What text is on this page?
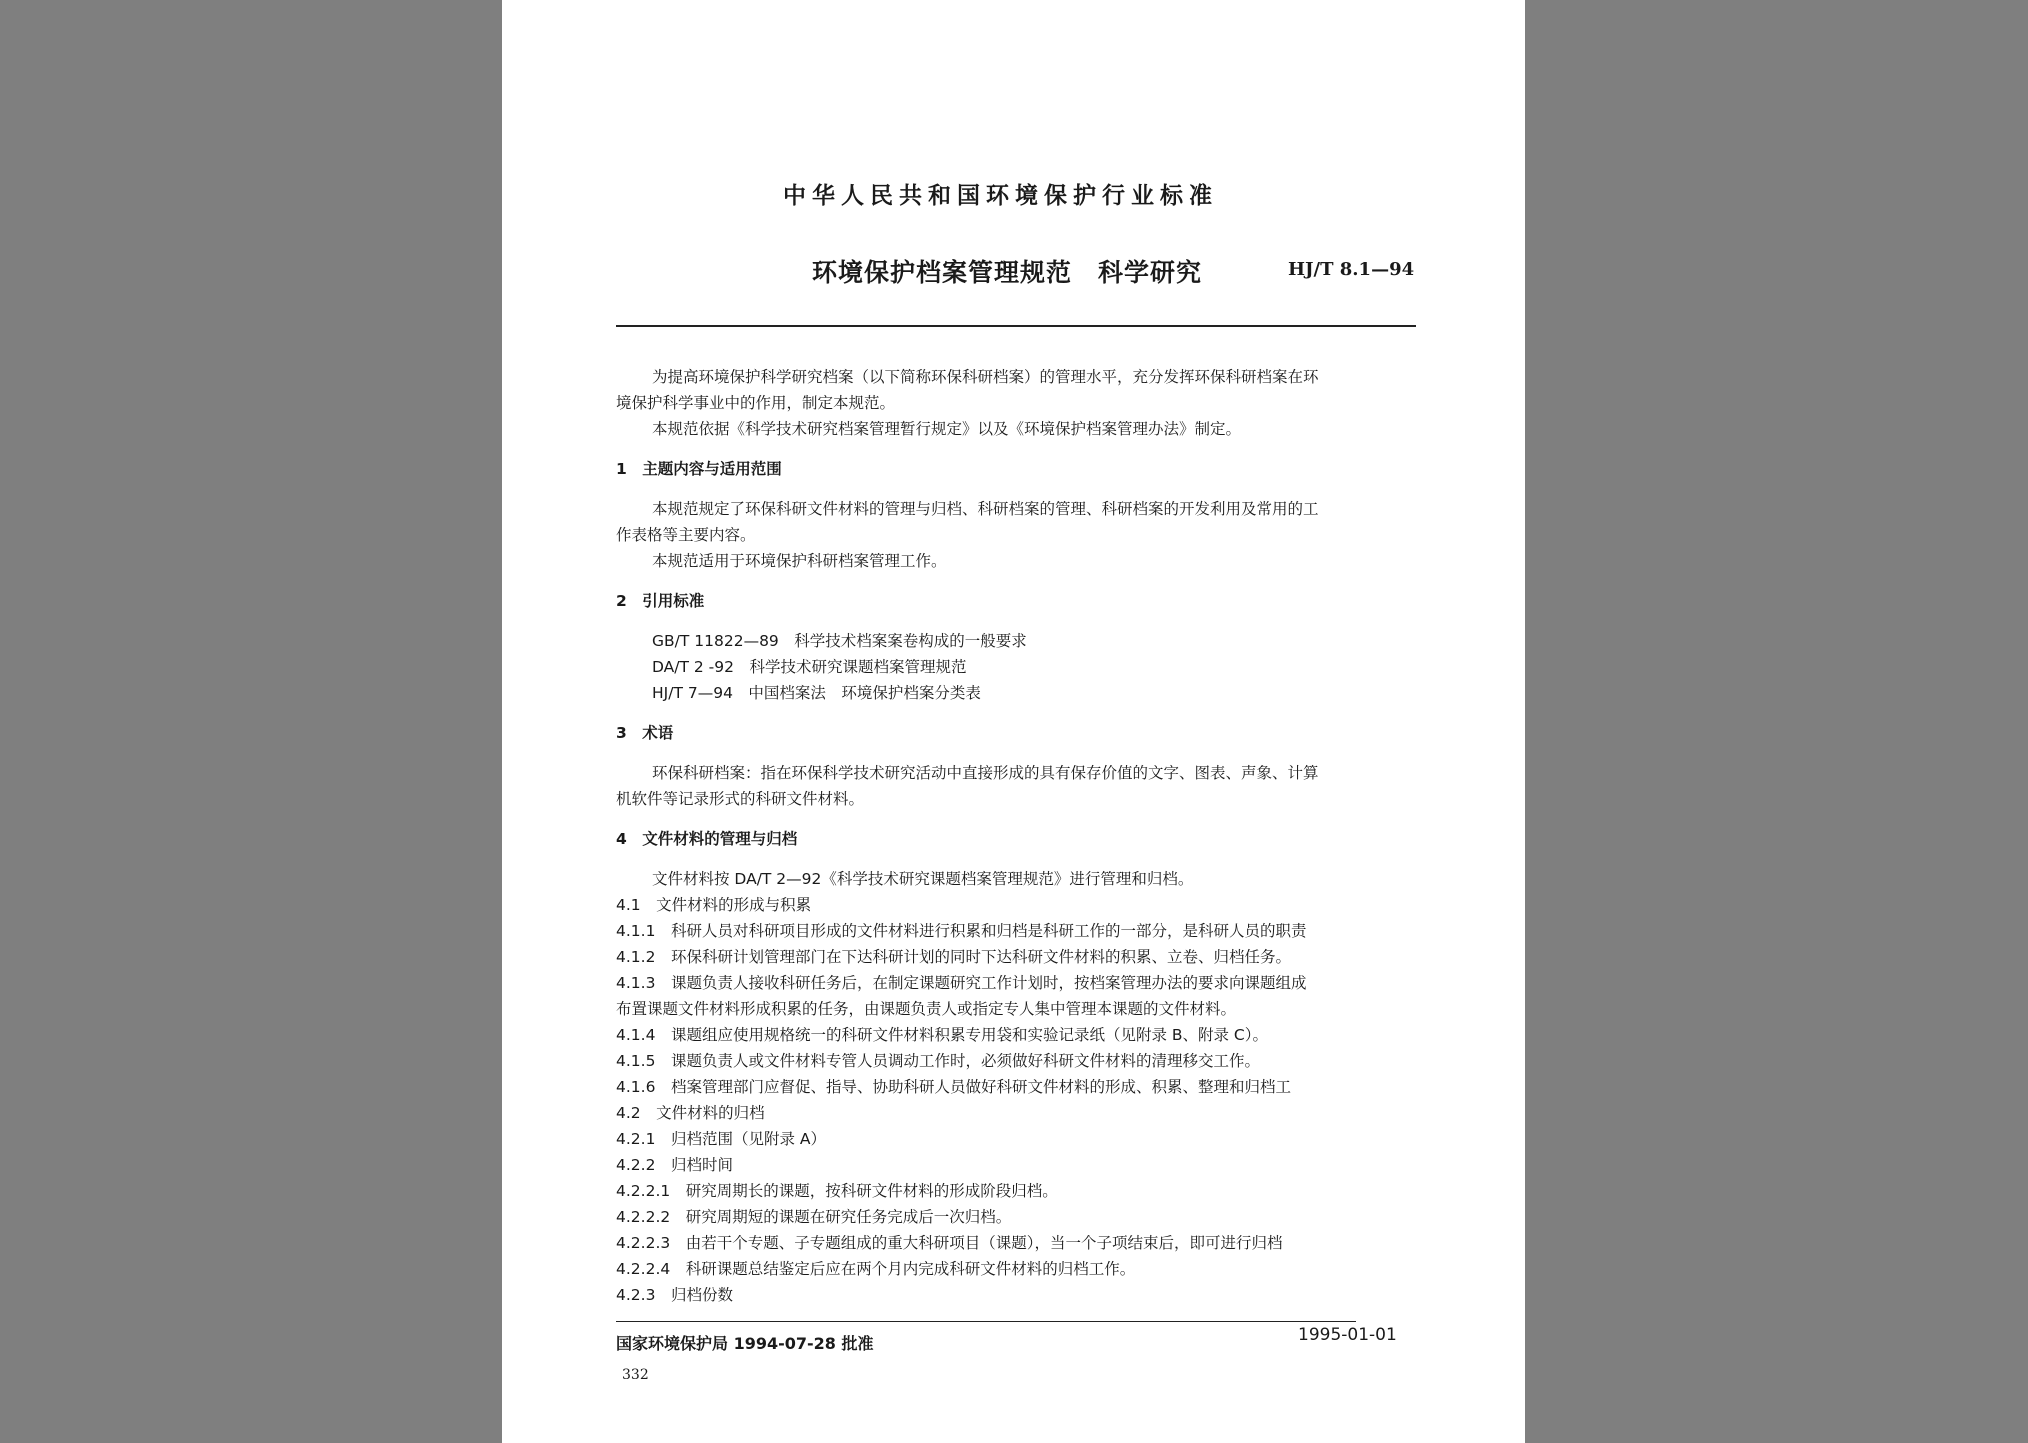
中华人民共和国环境保护行业标准
环境保护档案管理规范　科学研究	HJ/T 8.1—94
为提高环境保护科学研究档案（以下简称环保科研档案）的管理水平，充分发挥环保科研档案在环
境保护科学事业中的作用，制定本规范。
本规范依据《科学技术研究档案管理暂行规定》以及《环境保护档案管理办法》制定。
1　主题内容与适用范围
本规范规定了环保科研文件材料的管理与归档、科研档案的管理、科研档案的开发利用及常用的工
作表格等主要内容。
本规范适用于环境保护科研档案管理工作。
2　引用标准
GB/T 11822—89　科学技术档案案卷构成的一般要求
DA/T 2 -92　科学技术研究课题档案管理规范
HJ/T 7—94　中国档案法　环境保护档案分类表
3　术语
环保科研档案：指在环保科学技术研究活动中直接形成的具有保存价值的文字、图表、声象、计算
机软件等记录形式的科研文件材料。
4　文件材料的管理与归档
文件材料按 DA/T 2—92《科学技术研究课题档案管理规范》进行管理和归档。
4.1　文件材料的形成与积累
4.1.1　科研人员对科研项目形成的文件材料进行积累和归档是科研工作的一部分，是科研人员的职责
4.1.2　环保科研计划管理部门在下达科研计划的同时下达科研文件材料的积累、立卷、归档任务。
4.1.3　课题负责人接收科研任务后，在制定课题研究工作计划时，按档案管理办法的要求向课题组成
布置课题文件材料形成积累的任务，由课题负责人或指定专人集中管理本课题的文件材料。
4.1.4　课题组应使用规格统一的科研文件材料积累专用袋和实验记录纸（见附录 B、附录 C）。
4.1.5　课题负责人或文件材料专管人员调动工作时，必须做好科研文件材料的清理移交工作。
4.1.6　档案管理部门应督促、指导、协助科研人员做好科研文件材料的形成、积累、整理和归档工
4.2　文件材料的归档
4.2.1　归档范围（见附录 A）
4.2.2　归档时间
4.2.2.1　研究周期长的课题，按科研文件材料的形成阶段归档。
4.2.2.2　研究周期短的课题在研究任务完成后一次归档。
4.2.2.3　由若干个专题、子专题组成的重大科研项目（课题），当一个子项结束后，即可进行归档
4.2.2.4　科研课题总结鉴定后应在两个月内完成科研文件材料的归档工作。
4.2.3　归档份数
国家环境保护局 1994-07-28 批准	1995-01-01
332
